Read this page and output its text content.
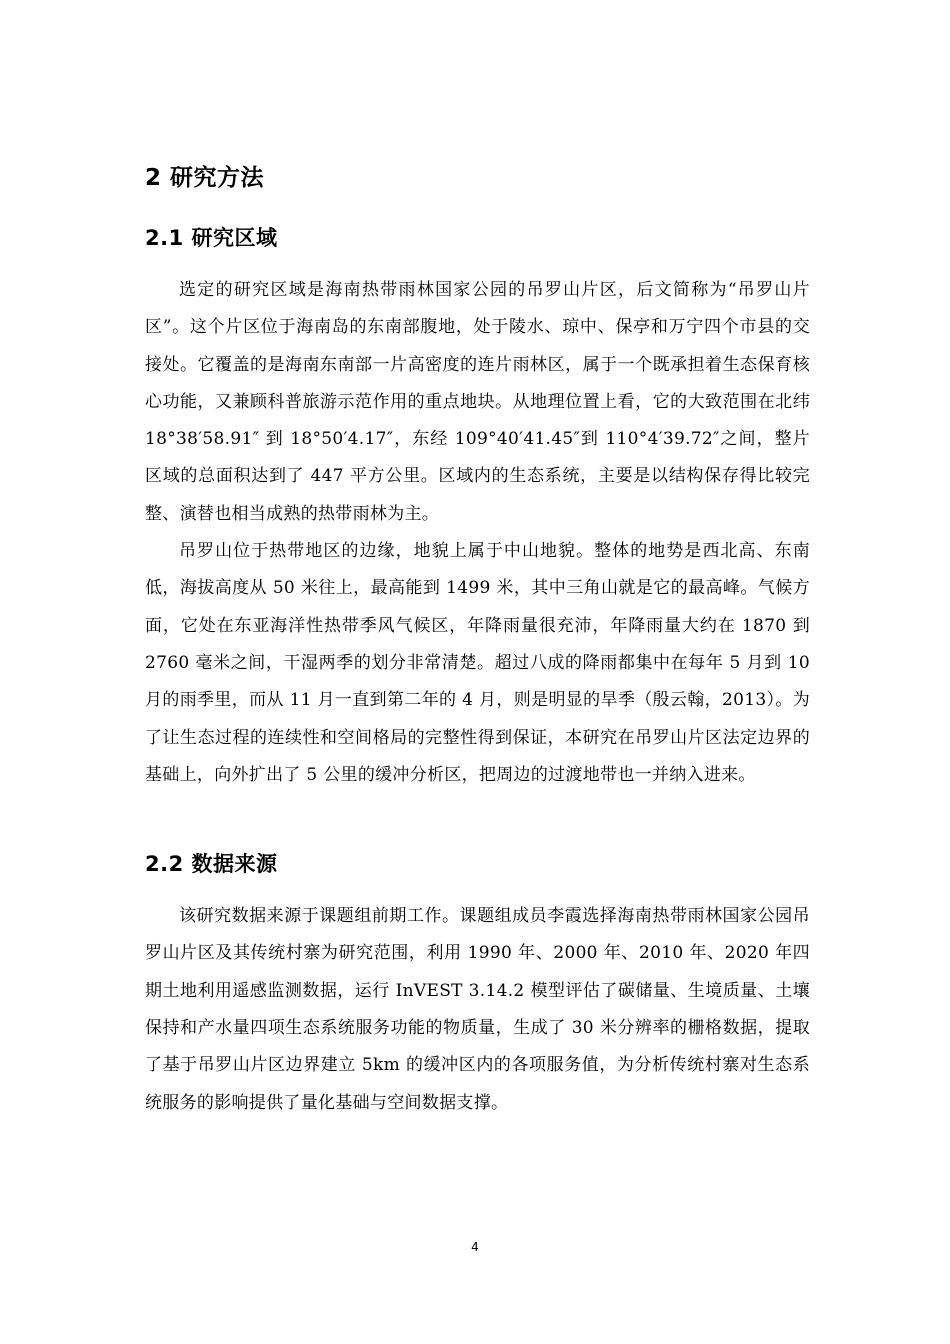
2 研究方法
2.1 研究区域

选定的研究区域是海南热带雨林国家公园的吊罗山片区，后文简称为“吊罗山片区”。这个片区位于海南岛的东南部腹地，处于陵水、琼中、保亭和万宁四个市县的交接处。它覆盖的是海南东南部一片高密度的连片雨林区，属于一个既承担着生态保育核心功能，又兼顾科普旅游示范作用的重点地块。从地理位置上看，它的大致范围在北纬 18°38′58.91″ 到 18°50′4.17″，东经 109°40′41.45″到 110°4′39.72″之间，整片区域的总面积达到了 447 平方公里。区域内的生态系统，主要是以结构保存得比较完整、演替也相当成熟的热带雨林为主。

吊罗山位于热带地区的边缘，地貌上属于中山地貌。整体的地势是西北高、东南低，海拔高度从 50 米往上，最高能到 1499 米，其中三角山就是它的最高峰。气候方面，它处在东亚海洋性热带季风气候区，年降雨量很充沛，年降雨量大约在 1870 到 2760 毫米之间，干湿两季的划分非常清楚。超过八成的降雨都集中在每年 5 月到 10 月的雨季里，而从 11 月一直到第二年的 4 月，则是明显的旱季（殷云翰，2013）。为了让生态过程的连续性和空间格局的完整性得到保证，本研究在吊罗山片区法定边界的基础上，向外扩出了 5 公里的缓冲分析区，把周边的过渡地带也一并纳入进来。

2.2 数据来源

该研究数据来源于课题组前期工作。课题组成员李霞选择海南热带雨林国家公园吊罗山片区及其传统村寨为研究范围，利用 1990 年、2000 年、2010 年、2020 年四期土地利用遥感监测数据，运行 InVEST 3.14.2 模型评估了碳储量、生境质量、土壤保持和产水量四项生态系统服务功能的物质量，生成了 30 米分辨率的栅格数据，提取了基于吊罗山片区边界建立 5km 的缓冲区内的各项服务值，为分析传统村寨对生态系统服务的影响提供了量化基础与空间数据支撑。

4
